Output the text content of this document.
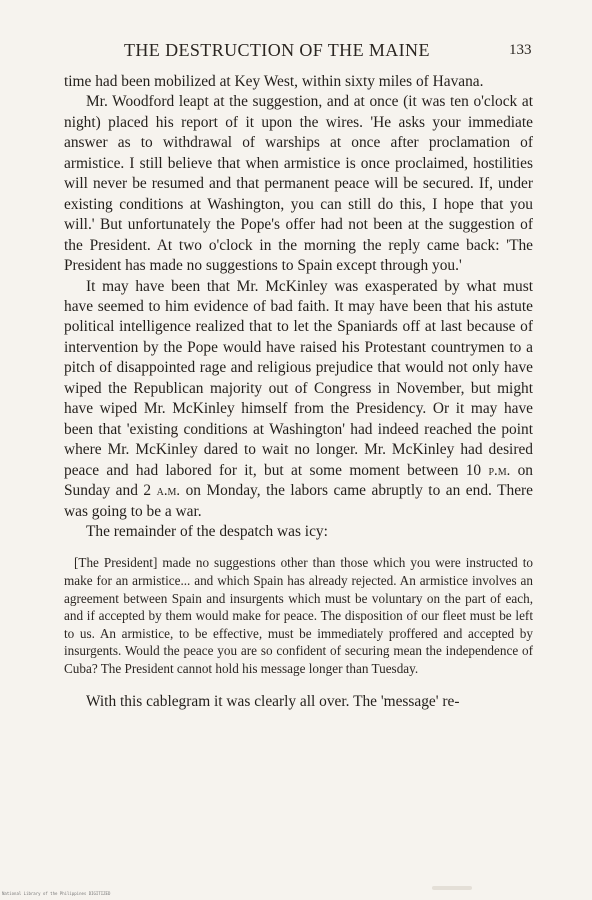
THE DESTRUCTION OF THE MAINE	133

time had been mobilized at Key West, within sixty miles of Havana.

Mr. Woodford leapt at the suggestion, and at once (it was ten o'clock at night) placed his report of it upon the wires. 'He asks your immediate answer as to withdrawal of warships at once after proclamation of armistice. I still believe that when armistice is once proclaimed, hostilities will never be resumed and that permanent peace will be secured. If, under existing conditions at Washington, you can still do this, I hope that you will.' But unfortunately the Pope's offer had not been at the suggestion of the President. At two o'clock in the morning the reply came back: 'The President has made no suggestions to Spain except through you.'

It may have been that Mr. McKinley was exasperated by what must have seemed to him evidence of bad faith. It may have been that his astute political intelligence realized that to let the Spaniards off at last because of intervention by the Pope would have raised his Protestant countrymen to a pitch of disappointed rage and religious prejudice that would not only have wiped the Republican majority out of Congress in November, but might have wiped Mr. McKinley himself from the Presidency. Or it may have been that 'existing conditions at Washington' had indeed reached the point where Mr. McKinley dared to wait no longer. Mr. McKinley had desired peace and had labored for it, but at some moment between 10 p.m. on Sunday and 2 a.m. on Monday, the labors came abruptly to an end. There was going to be a war.

The remainder of the despatch was icy:

[The President] made no suggestions other than those which you were instructed to make for an armistice... and which Spain has already rejected. An armistice involves an agreement between Spain and insurgents which must be voluntary on the part of each, and if accepted by them would make for peace. The disposition of our fleet must be left to us. An armistice, to be effective, must be immediately proffered and accepted by insurgents. Would the peace you are so confident of securing mean the independence of Cuba? The President cannot hold his message longer than Tuesday.

With this cablegram it was clearly all over. The 'message' re-

National Library of the Philippines DIGITIZED
